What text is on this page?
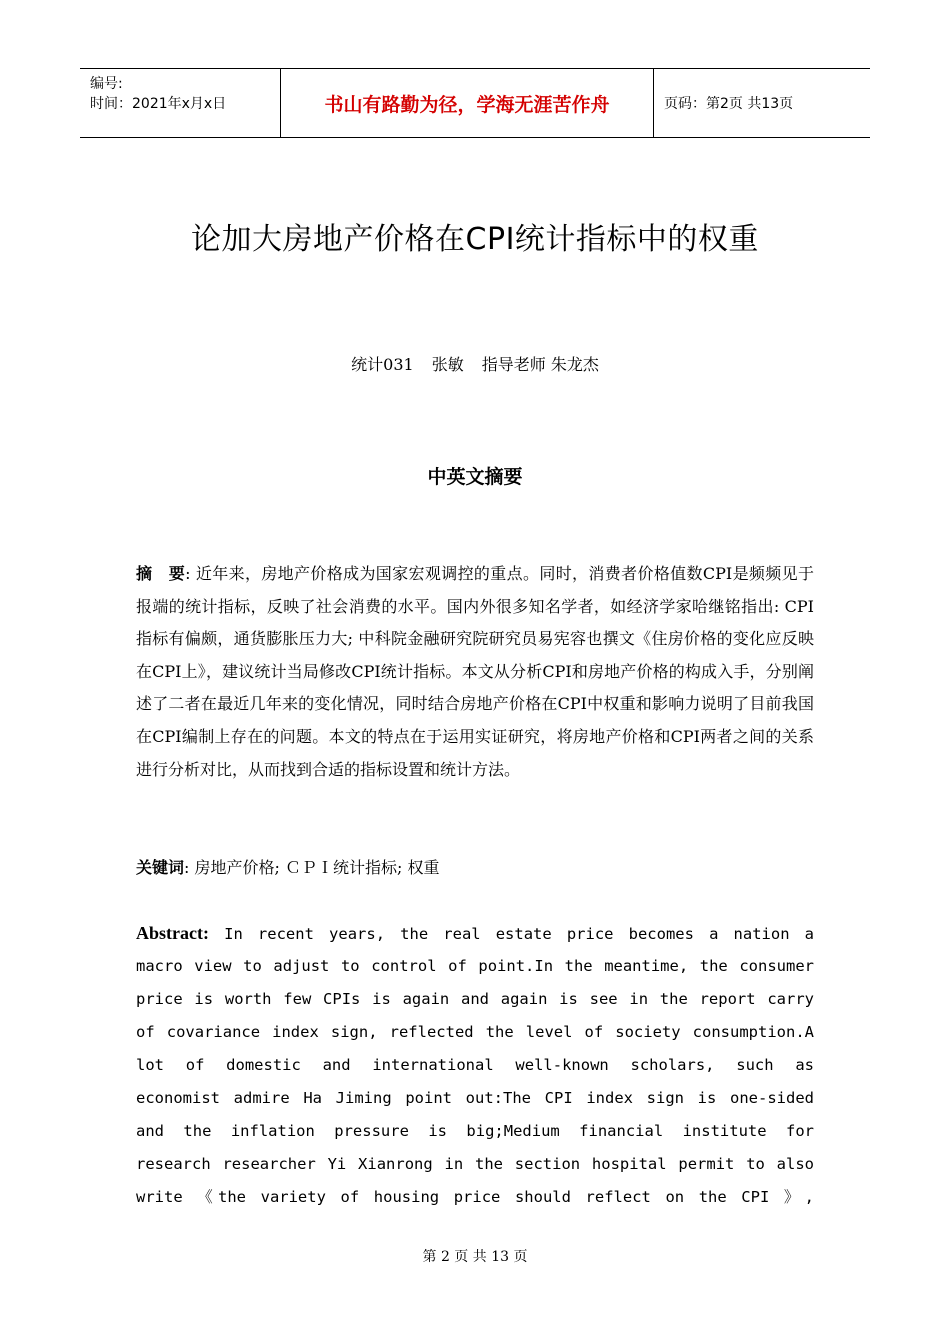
编号:
时间：2021年x月x日	书山有路勤为径，学海无涯苦作舟	页码：第2页 共13页
论加大房地产价格在CPI统计指标中的权重
统计031 张敏 指导老师 朱龙杰
中英文摘要
摘　要: 近年来，房地产价格成为国家宏观调控的重点。同时，消费者价格值数CPI是频频见于报端的统计指标，反映了社会消费的水平。国内外很多知名学者，如经济学家哈继铭指出: CPI指标有偏颇，通货膨胀压力大; 中科院金融研究院研究员易宪容也撰文《住房价格的变化应反映在CPI上》，建议统计当局修改CPI统计指标。本文从分析CPI和房地产价格的构成入手，分别阐述了二者在最近几年来的变化情况，同时结合房地产价格在CPI中权重和影响力说明了目前我国在CPI编制上存在的问题。本文的特点在于运用实证研究，将房地产价格和CPI两者之间的关系进行分析对比，从而找到合适的指标设置和统计方法。
关键词: 房地产价格; ＣＰＩ统计指标; 权重
Abstract: In recent years, the real estate price becomes a nation a
macro view to adjust to control of point.In the meantime, the consumer
price is worth few CPIs is again and again is see in the report carry
of covariance index sign, reflected the level of society consumption.A
lot of domestic and international well-known scholars, such as
economist admire Ha Jiming point out:The CPI index sign is one-sided
and the inflation pressure is big;Medium financial institute for
research researcher Yi Xianrong in the section hospital permit to also
write 《the variety of housing price should reflect on the CPI 》,
第 2 页 共 13 页
